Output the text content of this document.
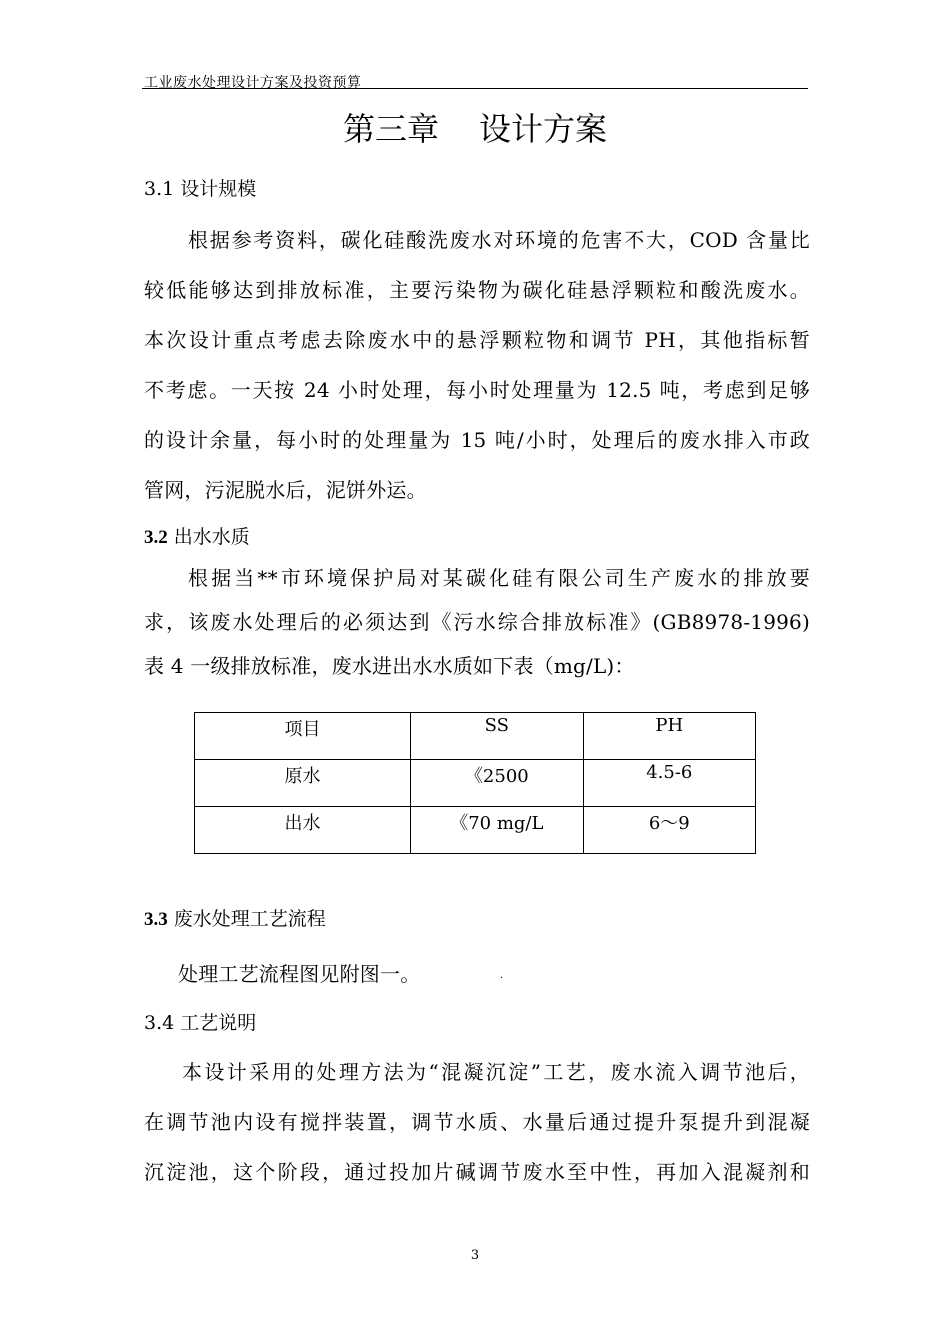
工业废水处理设计方案及投资预算
第三章 设计方案
3.1 设计规模
根据参考资料，碳化硅酸洗废水对环境的危害不大，COD 含量比
较低能够达到排放标准，主要污染物为碳化硅悬浮颗粒和酸洗废水。
本次设计重点考虑去除废水中的悬浮颗粒物和调节 PH，其他指标暂
不考虑。一天按 24 小时处理，每小时处理量为 12.5 吨，考虑到足够
的设计余量，每小时的处理量为 15 吨/小时，处理后的废水排入市政
管网，污泥脱水后，泥饼外运。
3.2 出水水质
根据当**市环境保护局对某碳化硅有限公司生产废水的排放要
求，该废水处理后的必须达到《污水综合排放标准》(GB8978-1996)
表 4 一级排放标准，废水进出水水质如下表（mg/L)：
项目	SS	PH
原水	《2500	4.5-6
出水	《70 mg/L	6～9
3.3 废水处理工艺流程
处理工艺流程图见附图一。	.
3.4 工艺说明
本设计采用的处理方法为“混凝沉淀”工艺，废水流入调节池后，
在调节池内设有搅拌装置，调节水质、水量后通过提升泵提升到混凝
沉淀池，这个阶段，通过投加片碱调节废水至中性，再加入混凝剂和
3
